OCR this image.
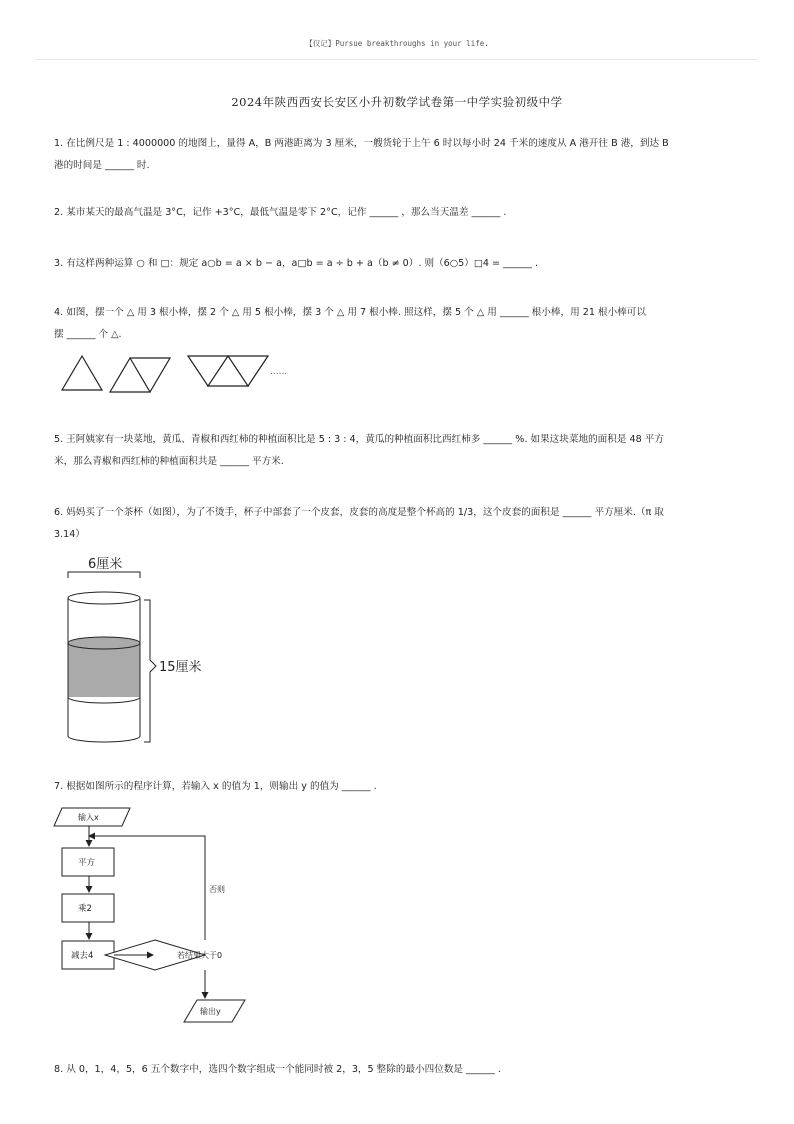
【仅记】Pursue breakthroughs in your life.
2024年陕西西安长安区小升初数学试卷第一中学实验初级中学
1. 在比例尺是 1 : 4000000 的地图上，量得 A，B 两港距离为 3 厘米，一艘货轮于上午 6 时以每小时 24 千米的速度从 A 港开往 B 港，到达 B
港的时间是 ______ 时.
2. 某市某天的最高气温是 3°C，记作 +3°C，最低气温是零下 2°C，记作 ______ ，那么当天温差 ______ .
3. 有这样两种运算 ○ 和 □：规定 a○b = a × b − a，a□b = a ÷ b + a（b ≠ 0）. 则（6○5）□4 = ______ .
4. 如图，摆一个 △ 用 3 根小棒，摆 2 个 △ 用 5 根小棒，摆 3 个 △ 用 7 根小棒. 照这样，摆 5 个 △ 用 ______ 根小棒，用 21 根小棒可以
摆 ______ 个 △.
......
5. 王阿姨家有一块菜地，黄瓜、青椒和西红柿的种植面积比是 5 : 3 : 4，黄瓜的种植面积比西红柿多 ______ %. 如果这块菜地的面积是 48 平方
米，那么青椒和西红柿的种植面积共是 ______ 平方米.
6. 妈妈买了一个茶杯（如图），为了不烫手，杯子中部套了一个皮套，皮套的高度是整个杯高的 1/3，这个皮套的面积是 ______ 平方厘米.（π 取
3.14）
6厘米
15厘米
7. 根据如图所示的程序计算，若输入 x 的值为 1，则输出 y 的值为 ______ .
输入x
平方
乘2
减去4	若结果大于0
否则
输出y
8. 从 0，1，4，5，6 五个数字中，选四个数字组成一个能同时被 2，3，5 整除的最小四位数是 ______ .
